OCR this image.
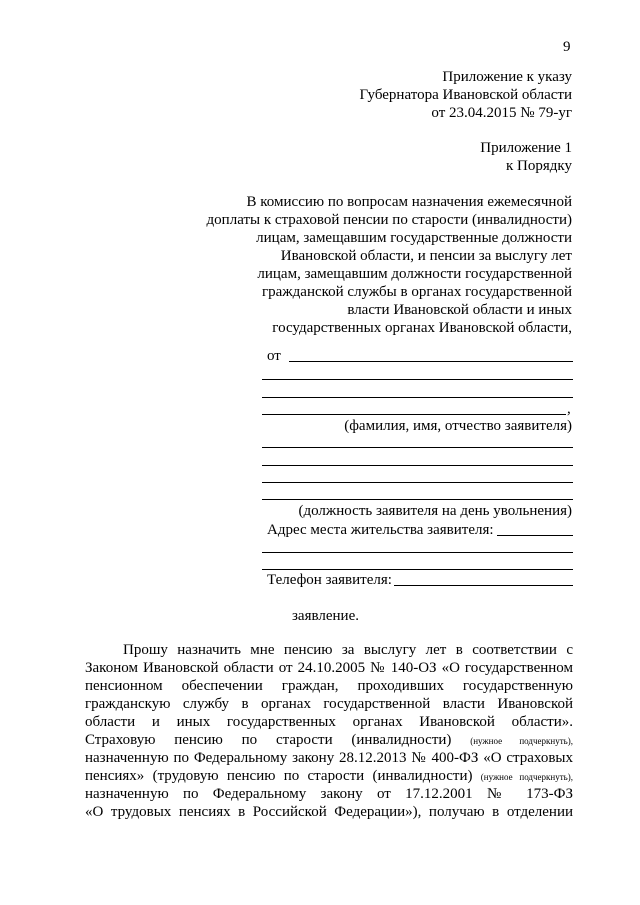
9
Приложение к указу
Губернатора Ивановской области
от 23.04.2015 № 79-уг
Приложение 1
к Порядку
В комиссию по вопросам назначения ежемесячной
доплаты к страховой пенсии по старости (инвалидности)
лицам, замещавшим государственные должности
Ивановской области, и пенсии за выслугу лет
лицам, замещавшим должности государственной
гражданской службы в органах государственной
власти Ивановской области и иных
государственных органах Ивановской области,
от
,
(фамилия, имя, отчество заявителя)
(должность заявителя на день увольнения)
Адрес места жительства заявителя:
Телефон заявителя:
заявление.
Прошу назначить мне пенсию за выслугу лет в соответствии с
Законом Ивановской области от 24.10.2005 № 140-ОЗ «О государственном
пенсионном обеспечении граждан, проходивших государственную
гражданскую службу в органах государственной власти Ивановской
области и иных государственных органах Ивановской области».
Страховую пенсию по старости (инвалидности) (нужное подчеркнуть),
назначенную по Федеральному закону 28.12.2013 № 400-ФЗ «О страховых
пенсиях» (трудовую пенсию по старости (инвалидности) (нужное подчеркнуть),
назначенную по Федеральному закону от 17.12.2001 № 173-ФЗ
«О трудовых пенсиях в Российской Федерации»), получаю в отделении
